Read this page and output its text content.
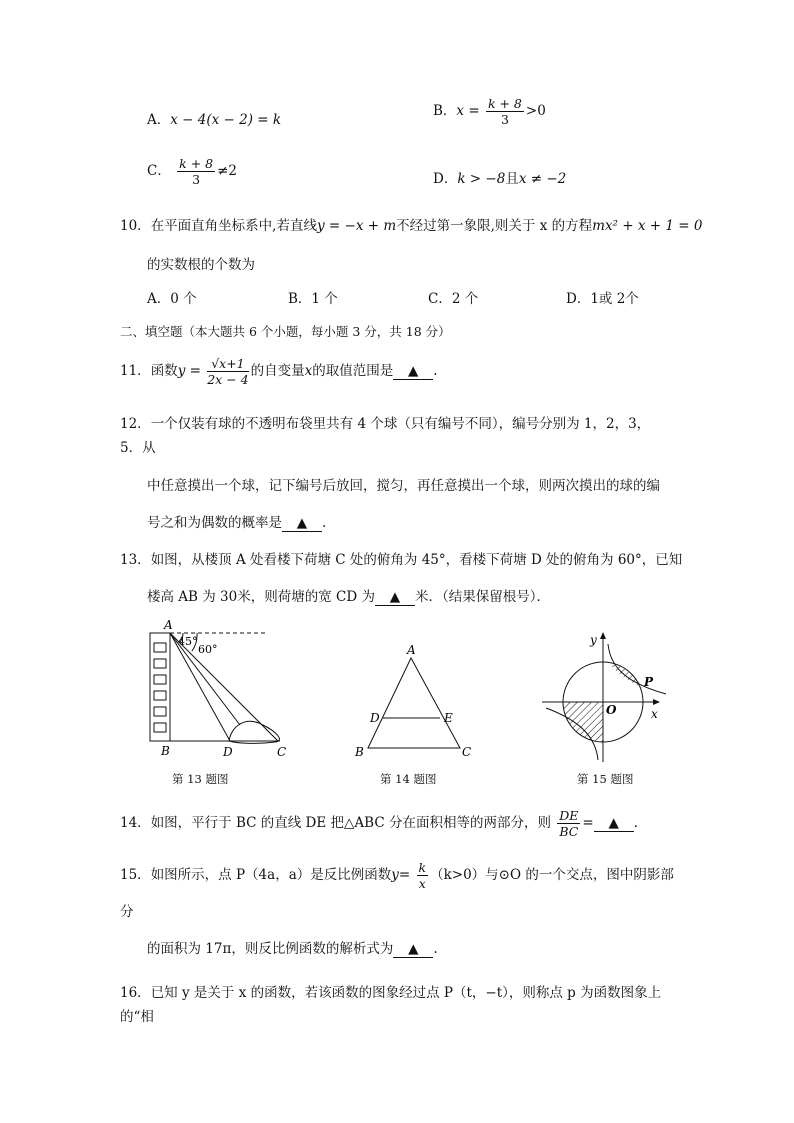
A．x − 4(x − 2) = k
B．$x = \frac{k + 8}{3} >0$
C． $\frac{k + 8}{3} \ne 2$	D．k > −8且x ≠ −2
10．在平面直角坐标系中,若直线y = −x + m不经过第一象限,则关于 x 的方程mx² + x + 1 = 0
的实数根的个数为
A．0 个	B．1 个	C．2 个	D．1或 2个
二、填空题（本大题共 6 个小题，每小题 3 分，共 18 分）
11．函数$y = \frac{√x+1}{2x - 4}$ 的自变量x的取值范围是 ▲ .
12．一个仅装有球的不透明布袋里共有 4 个球（只有编号不同），编号分别为 1，2，3，
5．从
中任意摸出一个球，记下编号后放回，搅匀，再任意摸出一个球，则两次摸出的球的编
号之和为偶数的概率是 ▲ .
13．如图，从楼顶 A 处看楼下荷塘 C 处的俯角为 45°，看楼下荷塘 D 处的俯角为 60°，已知
楼高 AB 为 30米，则荷塘的宽 CD 为 ▲ 米．（结果保留根号）．
A
45°
60°
B	D	C
第 13 题图
A
D	E
B	C
第 14 题图
y
x
O
P
第 15 题图
14．如图，平行于 BC 的直线 DE 把△ABC 分在面积相等的两部分，则 $\frac{DE}{BC}$ = ▲ .
15．如图所示，点 P（4a，a）是反比例函数$y= \frac{k}{x} (k>0)$与⊙O 的一个交点，图中阴影部
分
的面积为 17π，则反比例函数的解析式为 ▲ .
16．已知 y 是关于 x 的函数，若该函数的图象经过点 P（t，−t），则称点 p 为函数图象上
的“相
